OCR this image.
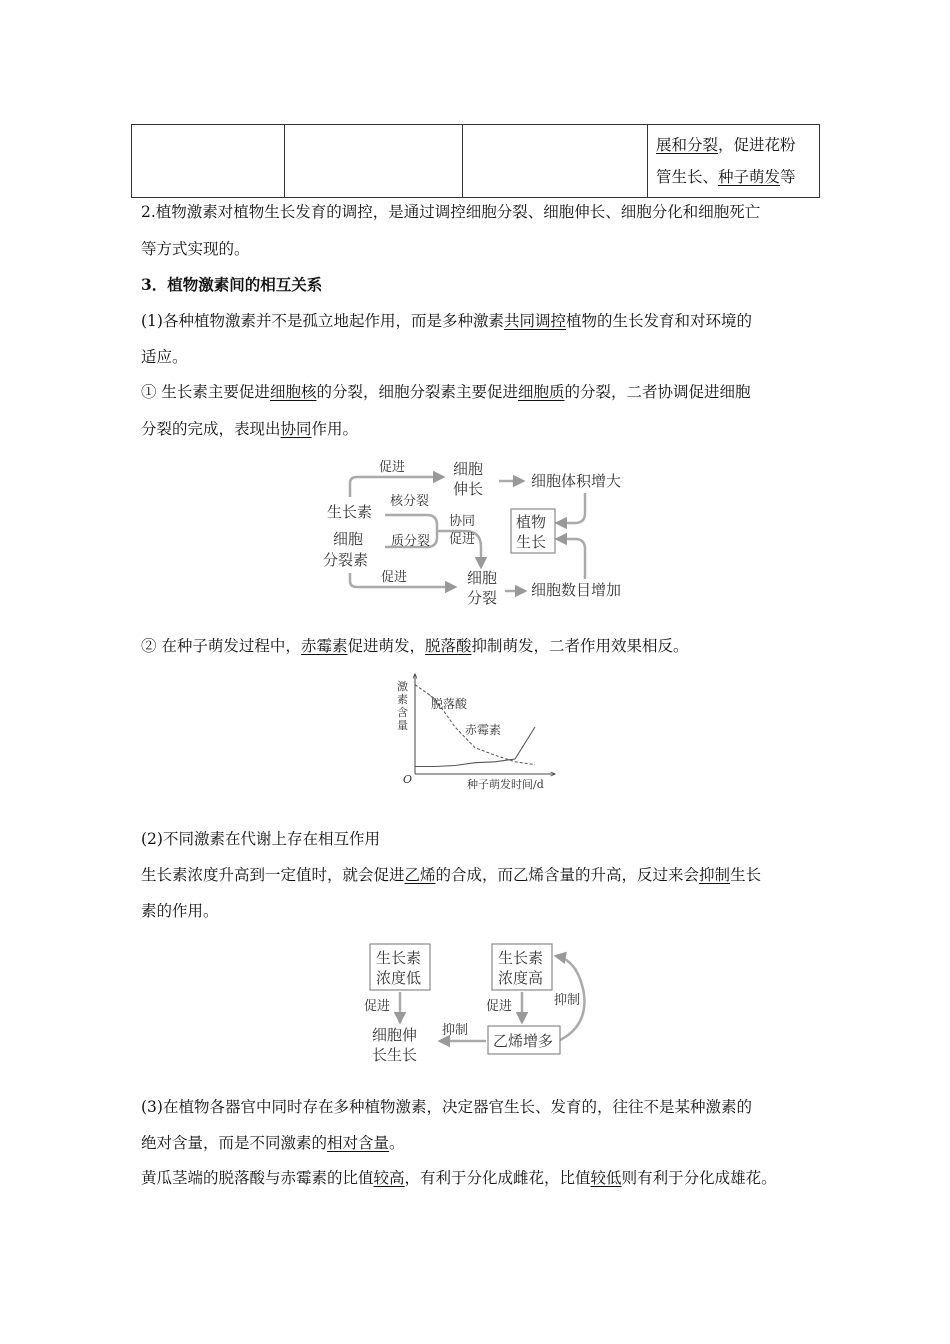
展和分裂，促进花粉
管生长、种子萌发等
2.植物激素对植物生长发育的调控，是通过调控细胞分裂、细胞伸长、细胞分化和细胞死亡
等方式实现的。
3．植物激素间的相互关系
(1)各种植物激素并不是孤立地起作用，而是多种激素共同调控植物的生长发育和对环境的
适应。
① 生长素主要促进细胞核的分裂，细胞分裂素主要促进细胞质的分裂，二者协调促进细胞
分裂的完成，表现出协同作用。
促进	细胞
伸长	细胞体积增大
生长素
核分裂
协同
促进
植物
生长
细胞
分裂素
质分裂
促进	细胞
分裂 细胞数目增加
② 在种子萌发过程中，赤霉素促进萌发，脱落酸抑制萌发，二者作用效果相反。
激
素
含
量
O	种子萌发时间/d
脱落酸
赤霉素
(2)不同激素在代谢上存在相互作用
生长素浓度升高到一定值时，就会促进乙烯的合成，而乙烯含量的升高，反过来会抑制生长
素的作用。
生长素
浓度低
生长素
浓度高
促进	促进	抑制
细胞伸
长生长
抑制
乙烯增多
(3)在植物各器官中同时存在多种植物激素，决定器官生长、发育的，往往不是某种激素的
绝对含量，而是不同激素的相对含量。
黄瓜茎端的脱落酸与赤霉素的比值较高，有利于分化成雌花，比值较低则有利于分化成雄花。
